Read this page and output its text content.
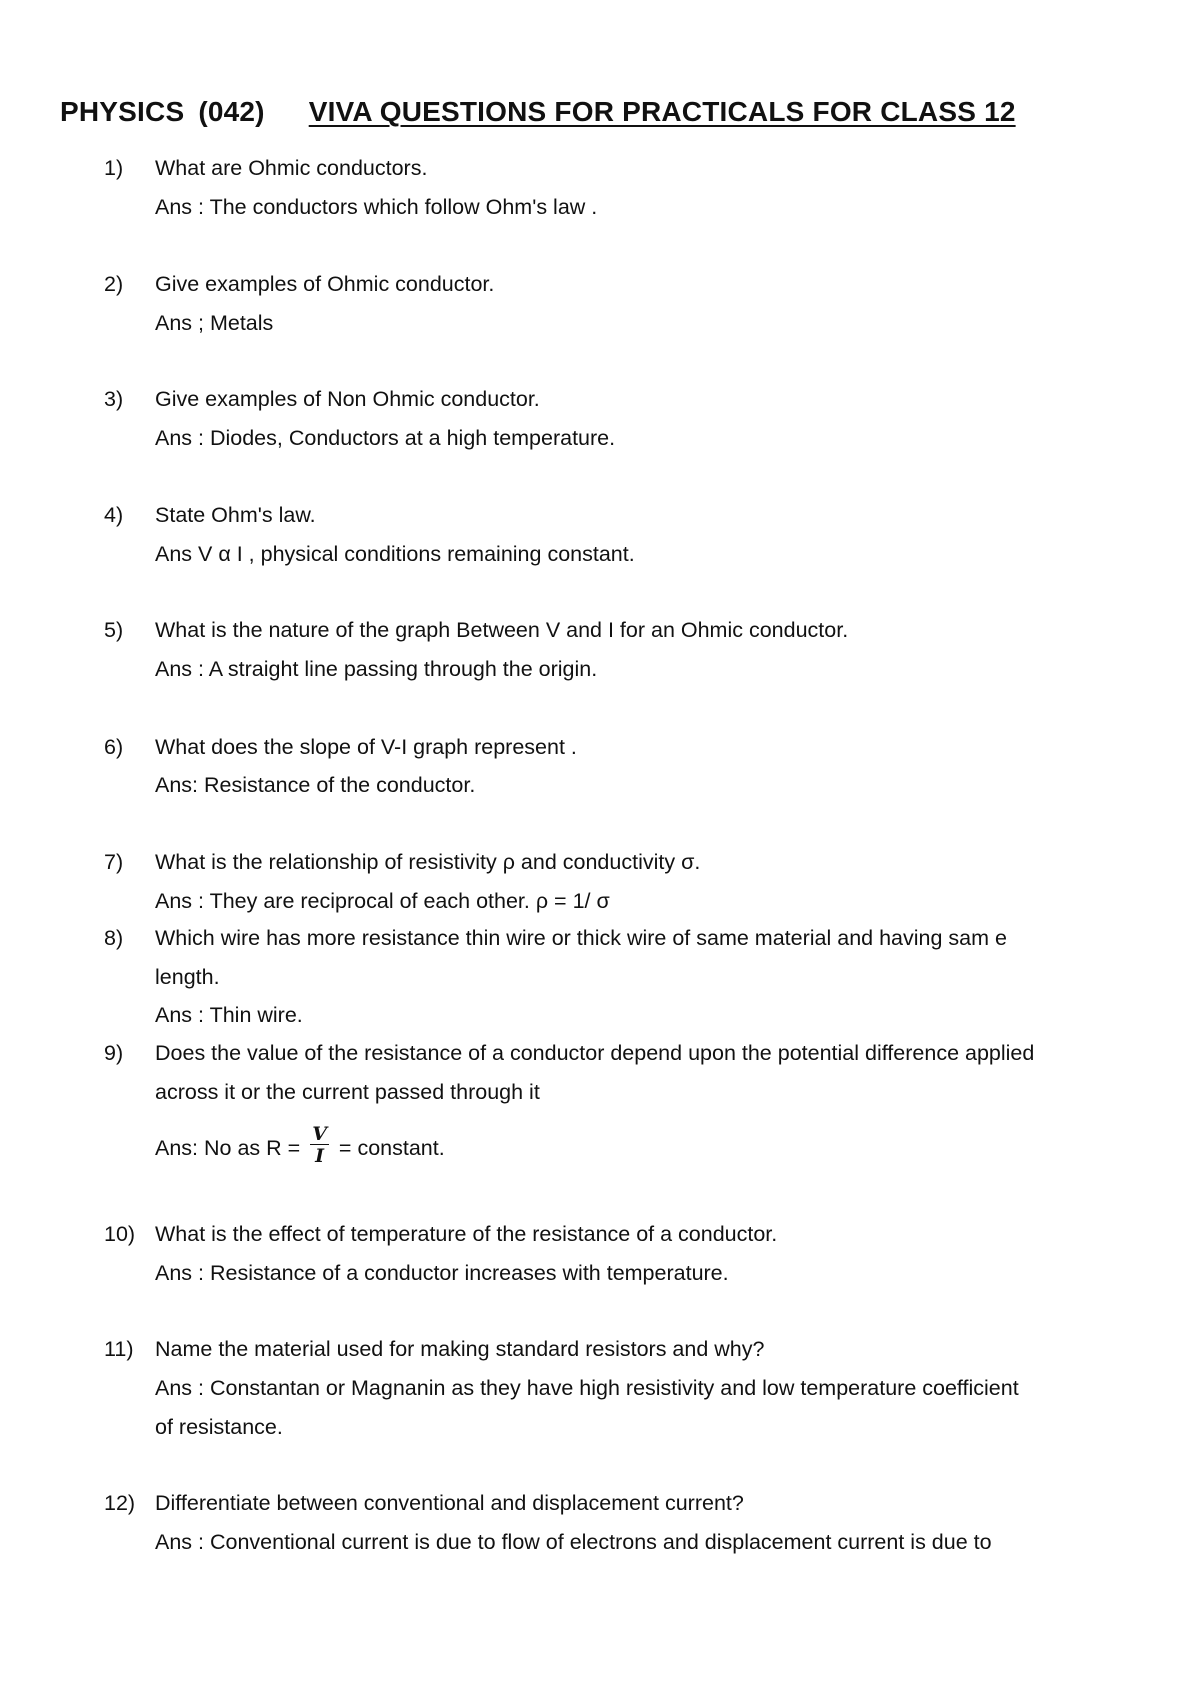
PHYSICS (042) VIVA QUESTIONS FOR PRACTICALS FOR CLASS 12
1) What are Ohmic conductors.
Ans : The conductors which follow Ohm's law .
2) Give examples of Ohmic conductor.
Ans ; Metals
3) Give examples of Non Ohmic conductor.
Ans : Diodes, Conductors at a high temperature.
4) State Ohm's law.
Ans V α I , physical conditions remaining constant.
5) What is the nature of the graph Between V and I for an Ohmic conductor.
Ans : A straight line passing through the origin.
6) What does the slope of V-I graph represent .
Ans: Resistance of the conductor.
7) What is the relationship of resistivity ρ and conductivity σ.
Ans : They are reciprocal of each other. ρ = 1/ σ
8) Which wire has more resistance thin wire or thick wire of same material and having sam e
length.
Ans : Thin wire.
9) Does the value of the resistance of a conductor depend upon the potential difference applied
across it or the current passed through it
Ans: No as $R = \frac{V}{I}$ = constant.
10) What is the effect of temperature of the resistance of a conductor.
Ans : Resistance of a conductor increases with temperature.
11) Name the material used for making standard resistors and why?
Ans : Constantan or Magnanin as they have high resistivity and low temperature coefficient
of resistance.
12) Differentiate between conventional and displacement current?
Ans : Conventional current is due to flow of electrons and displacement current is due to
